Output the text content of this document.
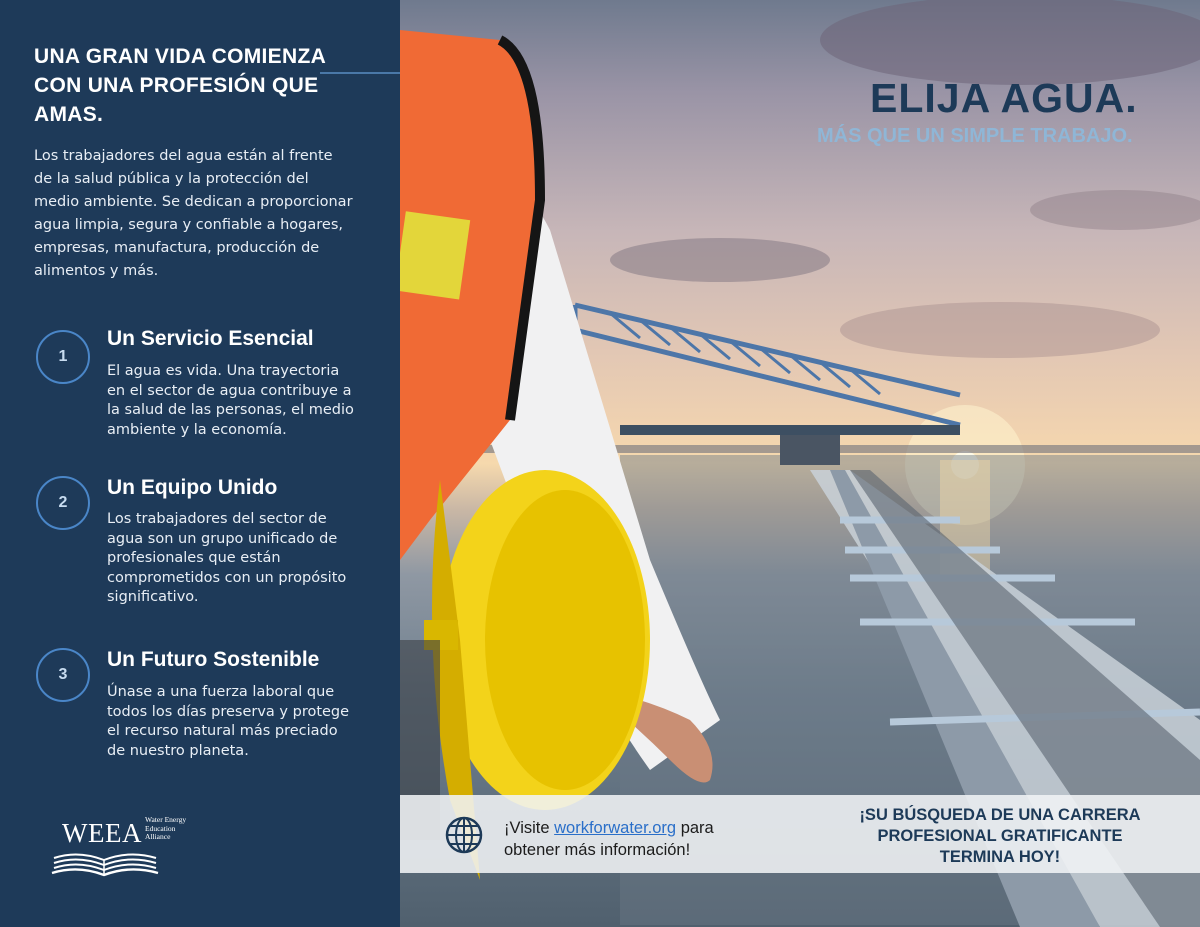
UNA GRAN VIDA COMIENZA CON UNA PROFESIÓN QUE AMAS.
Los trabajadores del agua están al frente de la salud pública y la protección del medio ambiente. Se dedican a proporcionar agua limpia, segura y confiable a hogares, empresas, manufactura, producción de alimentos y más.
1
Un Servicio Esencial
El agua es vida. Una trayectoria en el sector de agua contribuye a la salud de las personas, el medio ambiente y la economía.
2
Un Equipo Unido
Los trabajadores del sector de agua son un grupo unificado de profesionales que están comprometidos con un propósito significativo.
3
Un Futuro Sostenible
Únase a una fuerza laboral que todos los días preserva y protege el recurso natural más preciado de nuestro planeta.
WEEA Water Energy Education Alliance
ELIJA AGUA.
MÁS QUE UN SIMPLE TRABAJO.
¡Visite workforwater.org para obtener más información!
¡SU BÚSQUEDA DE UNA CARRERA
PROFESIONAL GRATIFICANTE
TERMINA HOY!
